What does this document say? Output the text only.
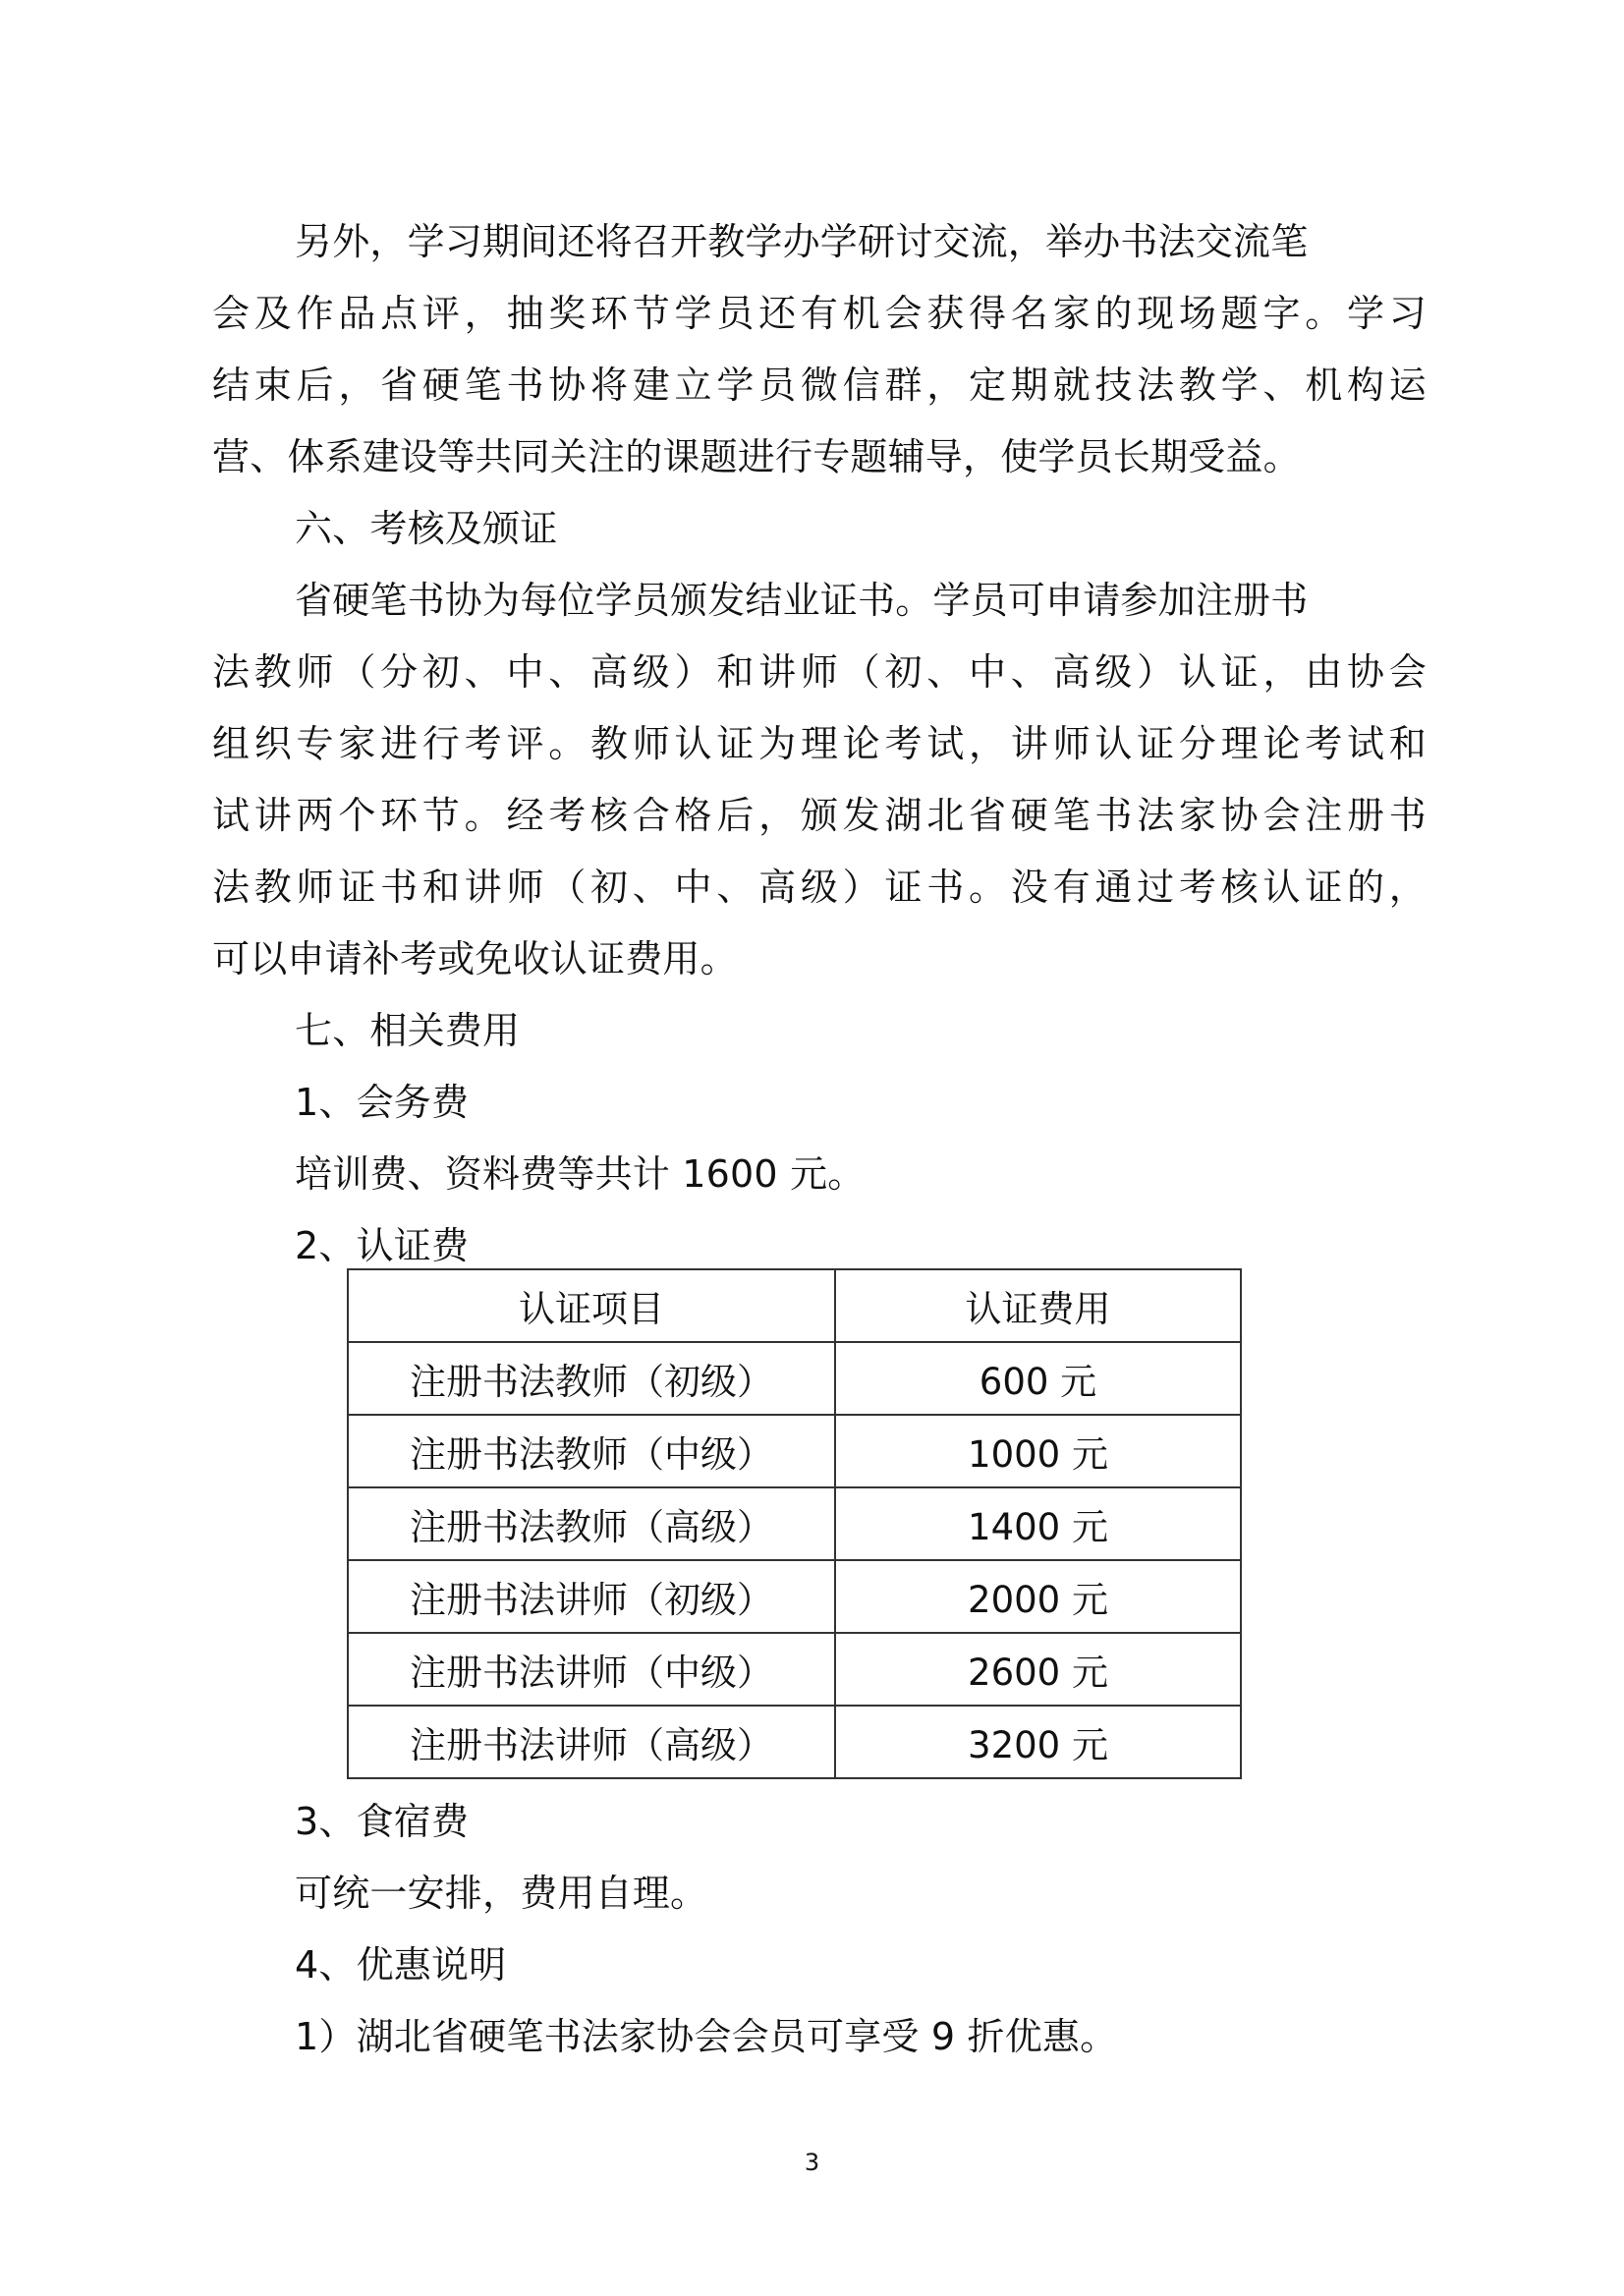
另外，学习期间还将召开教学办学研讨交流，举办书法交流笔
会及作品点评，抽奖环节学员还有机会获得名家的现场题字。学习
结束后，省硬笔书协将建立学员微信群，定期就技法教学、机构运
营、体系建设等共同关注的课题进行专题辅导，使学员长期受益。
六、考核及颁证
省硬笔书协为每位学员颁发结业证书。学员可申请参加注册书
法教师（分初、中、高级）和讲师（初、中、高级）认证，由协会
组织专家进行考评。教师认证为理论考试，讲师认证分理论考试和
试讲两个环节。经考核合格后，颁发湖北省硬笔书法家协会注册书
法教师证书和讲师（初、中、高级）证书。没有通过考核认证的，
可以申请补考或免收认证费用。
七、相关费用
1、会务费
培训费、资料费等共计 1600 元。
2、认证费
认证项目	认证费用
注册书法教师（初级）	600 元
注册书法教师（中级）	1000 元
注册书法教师（高级）	1400 元
注册书法讲师（初级）	2000 元
注册书法讲师（中级）	2600 元
注册书法讲师（高级）	3200 元
3、食宿费
可统一安排，费用自理。
4、优惠说明
1）湖北省硬笔书法家协会会员可享受 9 折优惠。
3
